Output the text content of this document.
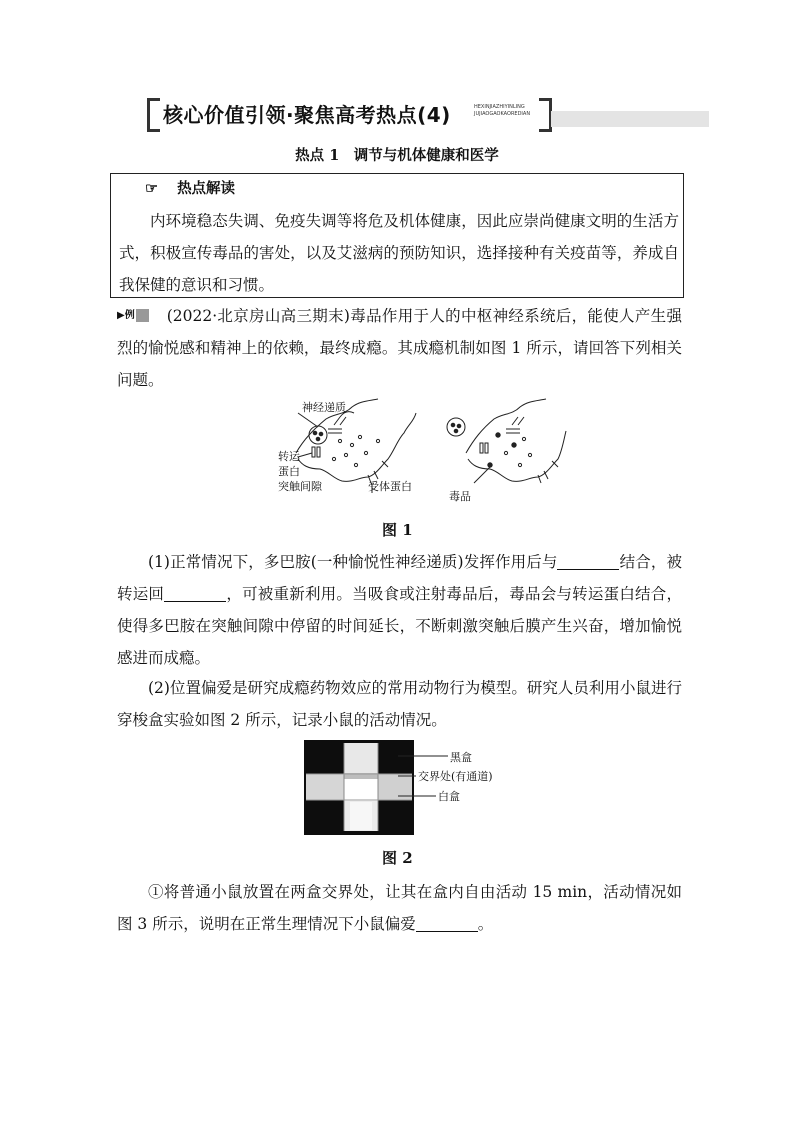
核心价值引领·聚焦高考热点(4)	HEXINJIAZHIYINLING
JUJIAOGAOKAOREDIAN
热点 1　调节与机体健康和医学
☞ 热点解读
内环境稳态失调、免疫失调等将危及机体健康，因此应崇尚健康文明的生活方式，积极宣传毒品的害处，以及艾滋病的预防知识，选择接种有关疫苗等，养成自我保健的意识和习惯。
▶例 (2022·北京房山高三期末)毒品作用于人的中枢神经系统后，能使人产生强烈的愉悦感和精神上的依赖，最终成瘾。其成瘾机制如图 1 所示，请回答下列相关问题。
神经递质
转运
蛋白
突触间隙	受体蛋白
毒品
图 1
(1)正常情况下，多巴胺(一种愉悦性神经递质)发挥作用后与	结合，被转运回	，可被重新利用。当吸食或注射毒品后，毒品会与转运蛋白结合，使得多巴胺在突触间隙中停留的时间延长，不断刺激突触后膜产生兴奋，增加愉悦感进而成瘾。
(2)位置偏爱是研究成瘾药物效应的常用动物行为模型。研究人员利用小鼠进行穿梭盒实验如图 2 所示，记录小鼠的活动情况。
黑盒
交界处(有通道)
白盒
图 2
①将普通小鼠放置在两盒交界处，让其在盒内自由活动 15 min，活动情况如图 3 所示，说明在正常生理情况下小鼠偏爱	。
